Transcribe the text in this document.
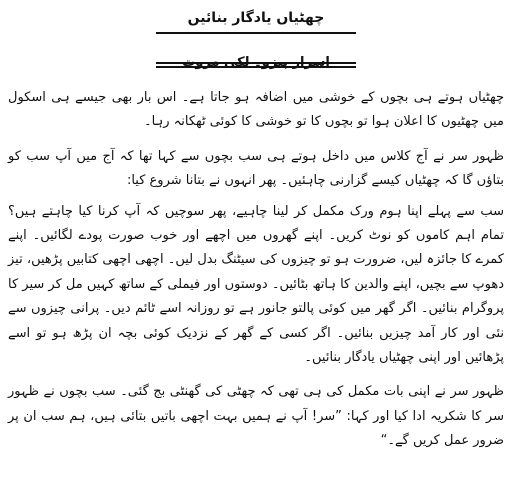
چھٹیاں یادگار بنائیں
اسرار پیزو۔ لکی مروت

چھٹیاں ہوتے ہی بچوں کے خوشی میں اضافہ ہو جاتا ہے۔ اس بار بھی جیسے ہی اسکول میں چھٹیوں کا اعلان ہوا تو بچوں کا تو خوشی کا کوئی ٹھکانہ رہا۔

ظہور سر نے آج کلاس میں داخل ہوتے ہی سب بچوں سے کہا تھا کہ آج میں آپ سب کو بتاؤں گا کہ چھٹیاں کیسے گزارنی چاہئیں۔ پھر انہوں نے بتانا شروع کیا:

سب سے پہلے اپنا ہوم ورک مکمل کر لینا چاہیے، پھر سوچیں کہ آپ کرنا کیا چاہتے ہیں؟ تمام اہم کاموں کو نوٹ کریں۔ اپنے گھروں میں اچھے اور خوب صورت پودے لگائیں۔ اپنے کمرے کا جائزہ لیں، ضرورت ہو تو چیزوں کی سیٹنگ بدل لیں۔ اچھی اچھی کتابیں پڑھیں، تیز دھوپ سے بچیں، اپنے والدین کا ہاتھ بٹائیں۔ دوستوں اور فیملی کے ساتھ کہیں مل کر سیر کا پروگرام بنائیں۔ اگر گھر میں کوئی پالتو جانور ہے تو روزانہ اسے ٹائم دیں۔ پرانی چیزوں سے نئی اور کار آمد چیزیں بنائیں۔ اگر کسی کے گھر کے نزدیک کوئی بچہ ان پڑھ ہو تو اسے پڑھائیں اور اپنی چھٹیاں یادگار بنائیں۔

ظہور سر نے اپنی بات مکمل کی ہی تھی کہ چھٹی کی گھنٹی بج گئی۔ سب بچوں نے ظہور سر کا شکریہ ادا کیا اور کہا: ”سر! آپ نے ہمیں بہت اچھی باتیں بتائی ہیں، ہم سب ان پر ضرور عمل کریں گے۔“
